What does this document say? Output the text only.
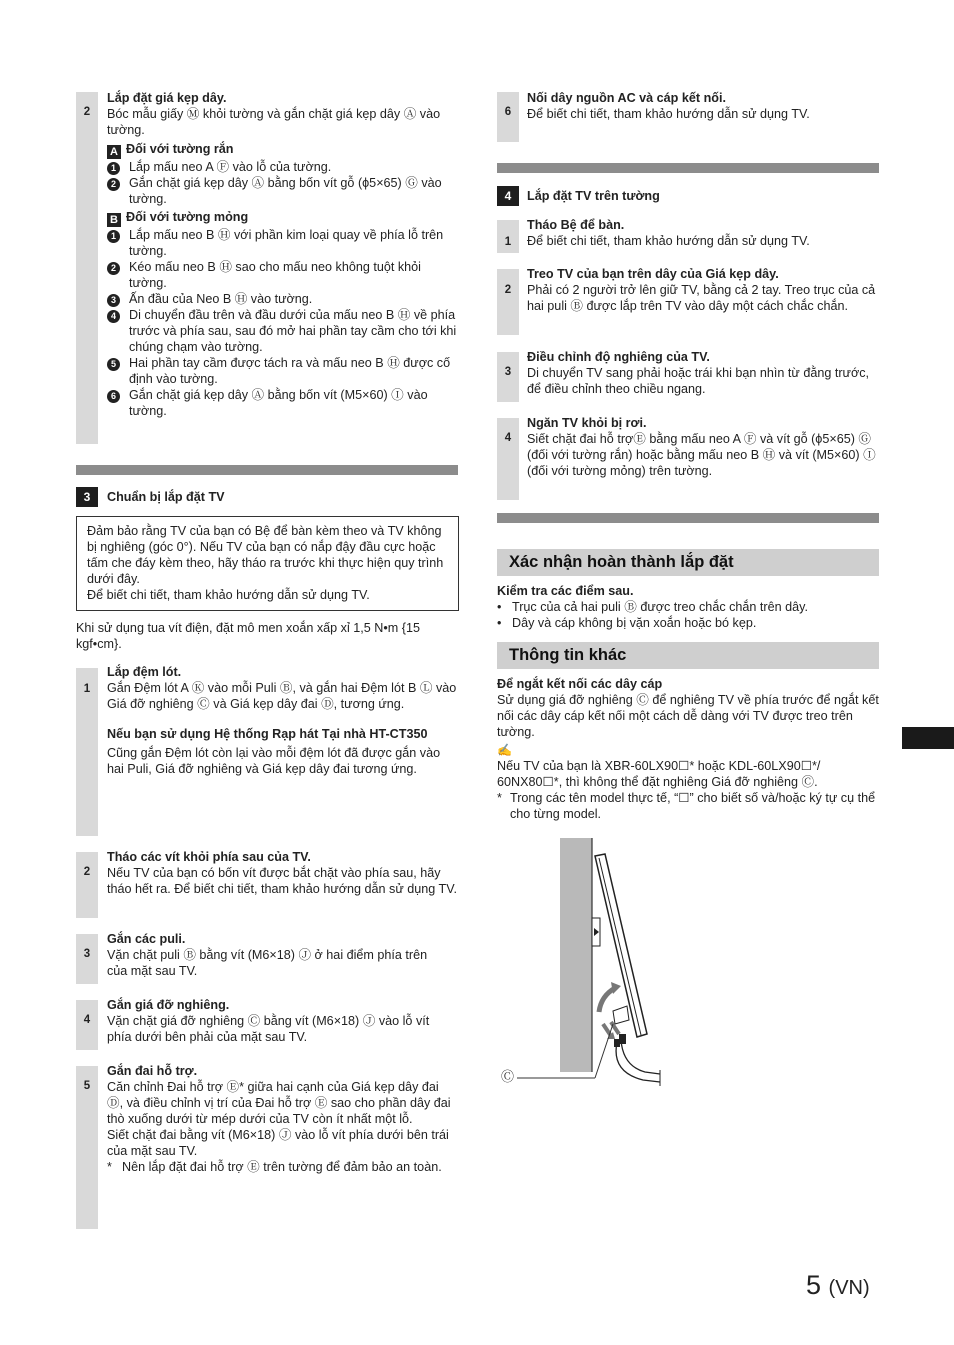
2
Lắp đặt giá kẹp dây.
Bóc mẫu giấy Ⓜ khỏi tường và gắn chặt giá kẹp dây Ⓐ vào tường.
A Đối với tường rắn
1	Lắp mấu neo A Ⓕ vào lỗ của tường.
2	Gắn chặt giá kẹp dây Ⓐ bằng bốn vít gỗ (ϕ5×65) Ⓖ vào tường.
B Đối với tường mỏng
1	Lắp mấu neo B Ⓗ với phần kim loại quay về phía lỗ trên tường.
2	Kéo mấu neo B Ⓗ sao cho mấu neo không tuột khỏi tường.
3	Ấn đầu của Neo B Ⓗ vào tường.
4	Di chuyển đầu trên và đầu dưới của mấu neo B Ⓗ về phía trước và phía sau, sau đó mở hai phần tay cầm cho tới khi chúng chạm vào tường.
5	Hai phần tay cầm được tách ra và mấu neo B Ⓗ được cố định vào tường.
6	Gắn chặt giá kẹp dây Ⓐ bằng bốn vít (M5×60) Ⓘ vào tường.
3	Chuẩn bị lắp đặt TV
Đảm bảo rằng TV của bạn có Bệ để bàn kèm theo và TV không bị nghiêng (góc 0°). Nếu TV của bạn có nắp đậy đầu cực hoặc tấm che đáy kèm theo, hãy tháo ra trước khi thực hiện quy trình dưới đây.
Để biết chi tiết, tham khảo hướng dẫn sử dụng TV.
Khi sử dụng tua vít điện, đặt mô men xoắn xấp xỉ 1,5 N•m {15 kgf•cm}.
1
Lắp đệm lót.
Gắn Đệm lót A Ⓚ vào mỗi Puli Ⓑ, và gắn hai Đệm lót B Ⓛ vào Giá đỡ nghiêng Ⓒ và Giá kẹp dây đai Ⓓ, tương ứng.
Nếu bạn sử dụng Hệ thống Rạp hát Tại nhà HT-CT350
Cũng gắn Đệm lót còn lại vào mỗi đệm lót đã được gắn vào hai Puli, Giá đỡ nghiêng và Giá kẹp dây đai tương ứng.
2
Tháo các vít khỏi phía sau của TV.
Nếu TV của bạn có bốn vít được bắt chặt vào phía sau, hãy tháo hết ra. Để biết chi tiết, tham khảo hướng dẫn sử dụng TV.
3
Gắn các puli.
Vặn chặt puli Ⓑ bằng vít (M6×18) Ⓙ ở hai điểm phía trên của mặt sau TV.
4
Gắn giá đỡ nghiêng.
Vặn chặt giá đỡ nghiêng Ⓒ bằng vít (M6×18) Ⓙ vào lỗ vít phía dưới bên phải của mặt sau TV.
5
Gắn đai hỗ trợ.
Căn chỉnh Đai hỗ trợ Ⓔ* giữa hai cạnh của Giá kẹp dây đai Ⓓ, và điều chỉnh vị trí của Đai hỗ trợ Ⓔ sao cho phần dây đai thò xuống dưới từ mép dưới của TV còn ít nhất một lỗ.
Siết chặt đai bằng vít (M6×18) Ⓙ vào lỗ vít phía dưới bên trái của mặt sau TV.
* Nên lắp đặt đai hỗ trợ Ⓔ trên tường để đảm bảo an toàn.
6
Nối dây nguồn AC và cáp kết nối.
Để biết chi tiết, tham khảo hướng dẫn sử dụng TV.
4	Lắp đặt TV trên tường
1
Tháo Bệ để bàn.
Để biết chi tiết, tham khảo hướng dẫn sử dụng TV.
2
Treo TV của bạn trên dây của Giá kẹp dây.
Phải có 2 người trở lên giữ TV, bằng cả 2 tay. Treo trục của cả hai puli Ⓑ được lắp trên TV vào dây một cách chắc chắn.
3
Điều chỉnh độ nghiêng của TV.
Di chuyển TV sang phải hoặc trái khi bạn nhìn từ đằng trước, để điều chỉnh theo chiều ngang.
4
Ngăn TV khỏi bị rơi.
Siết chặt đai hỗ trợⒺ bằng mấu neo A Ⓕ và vít gỗ (ϕ5×65) Ⓖ (đối với tường rắn) hoặc bằng mấu neo B Ⓗ và vít (M5×60) Ⓘ (đối với tường mỏng) trên tường.
Xác nhận hoàn thành lắp đặt
Kiểm tra các điểm sau.
• Trục của cả hai puli Ⓑ được treo chắc chắn trên dây.
• Dây và cáp không bị vặn xoắn hoặc bó kẹp.
Thông tin khác
Để ngắt kết nối các dây cáp
Sử dụng giá đỡ nghiêng Ⓒ để nghiêng TV về phía trước để ngắt kết nối các dây cáp kết nối một cách dễ dàng với TV được treo trên tường.
✍
Nếu TV của bạn là XBR-60LX90☐* hoặc KDL-60LX90☐*/ 60NX80☐*, thì không thể đặt nghiêng Giá đỡ nghiêng Ⓒ.
* Trong các tên model thực tế, “☐” cho biết số và/hoặc ký tự cụ thể cho từng model.
Ⓒ
5 (VN)
